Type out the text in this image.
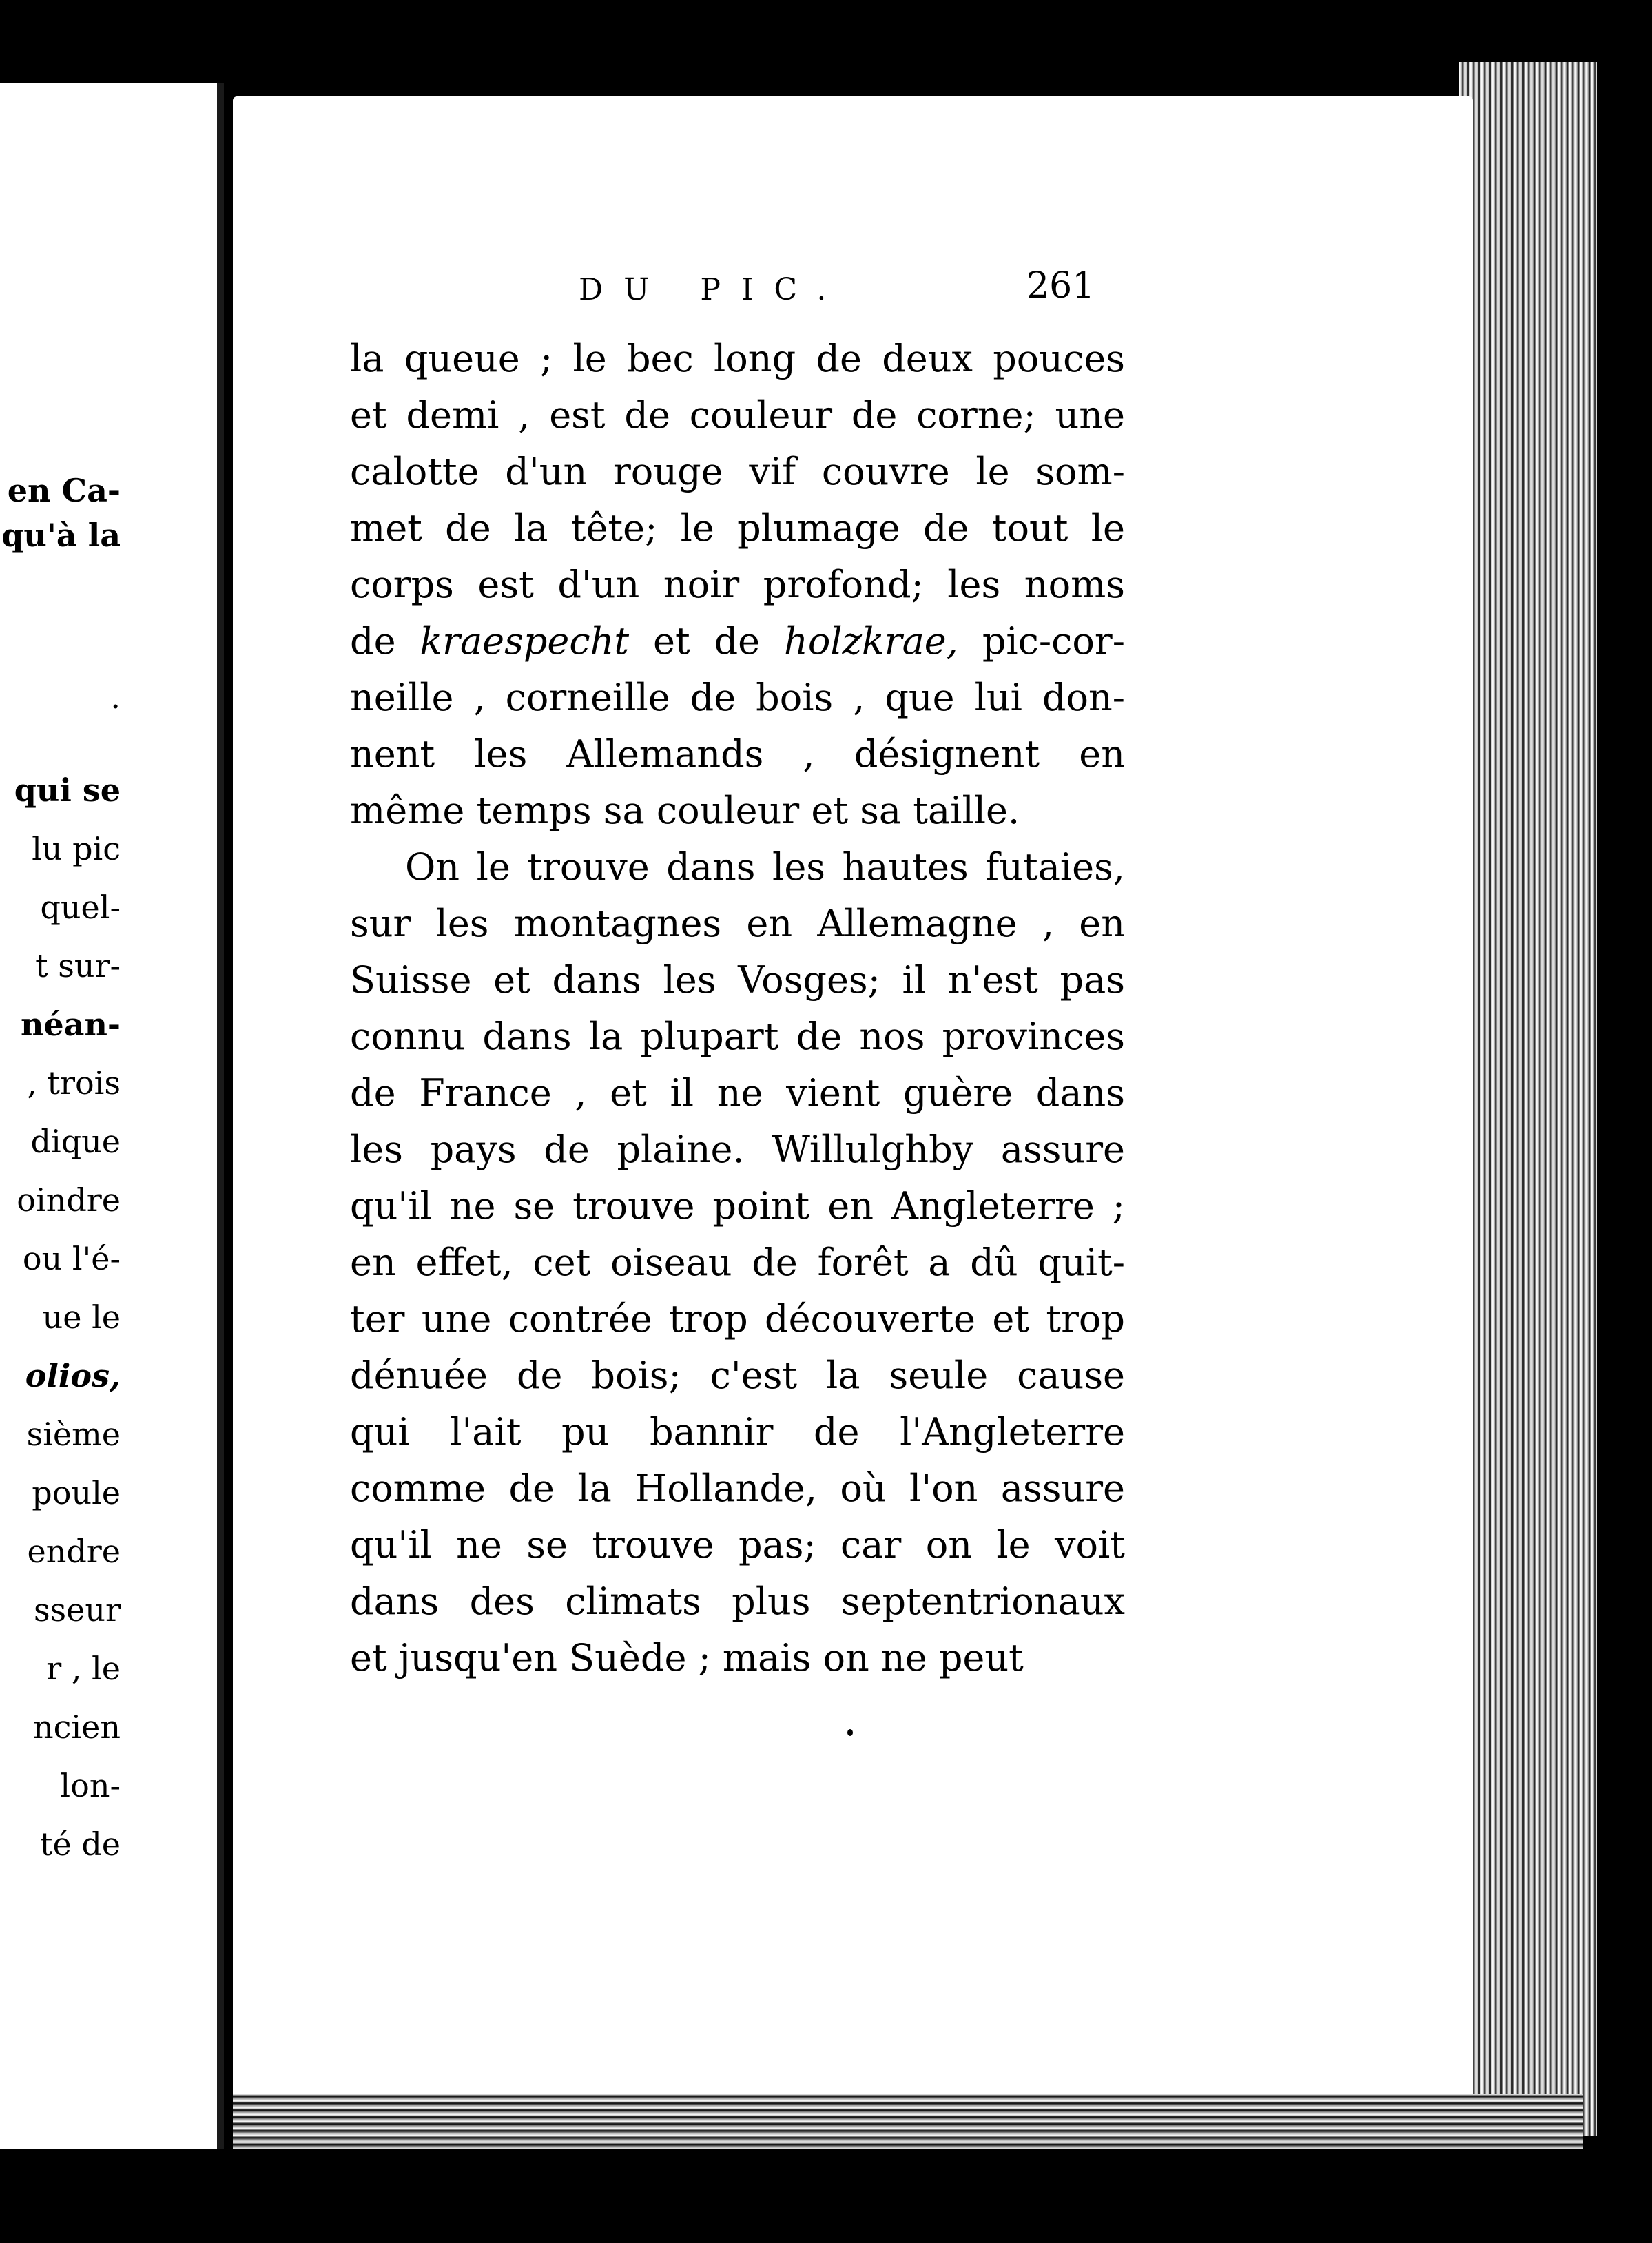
en Ca-
qu'à la
.
qui se
lu pic
quel-
t sur-
néan-
, trois
dique
oindre
ou l'é-
ue le
olios,
sième
poule
endre
sseur
r , le
ncien
lon-
té de
DU PIC.	261
la queue ; le bec long de deux pouces
et demi , est de couleur de corne; une
calotte d'un rouge vif couvre le som-
met de la tête; le plumage de tout le
corps est d'un noir profond; les noms
de kraespecht et de holzkrae, pic-cor-
neille , corneille de bois , que lui don-
nent les Allemands , désignent en
même temps sa couleur et sa taille.
On le trouve dans les hautes futaies,
sur les montagnes en Allemagne , en
Suisse et dans les Vosges; il n'est pas
connu dans la plupart de nos provinces
de France , et il ne vient guère dans
les pays de plaine. Willulghby assure
qu'il ne se trouve point en Angleterre ;
en effet, cet oiseau de forêt a dû quit-
ter une contrée trop découverte et trop
dénuée de bois; c'est la seule cause
qui l'ait pu bannir de l'Angleterre
comme de la Hollande, où l'on assure
qu'il ne se trouve pas; car on le voit
dans des climats plus septentrionaux
et jusqu'en Suède ; mais on ne peut
